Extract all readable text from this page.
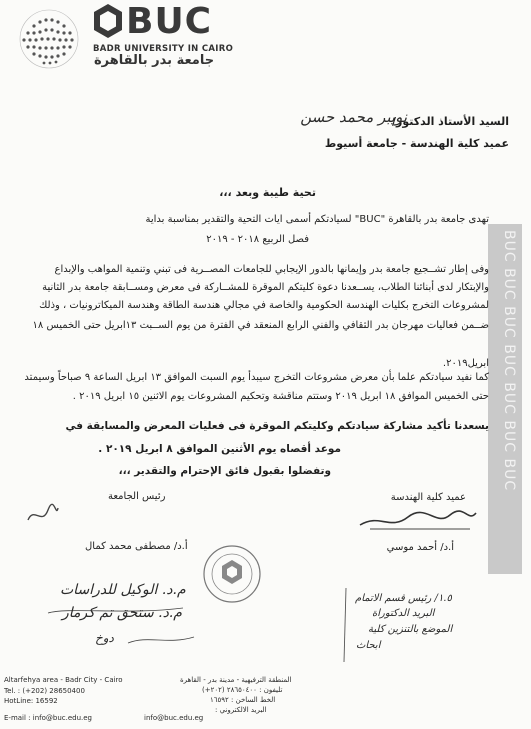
BUC
BADR UNIVERSITY IN CAIRO
جامعة بدر بالقاهرة
BUC BUC BUC BUC BUC BUC BUC
السيد الأستاذ الدكتور/
نويبر محمد حسن
عميد كلية الهندسة - جامعة أسيوط
تحية طيبة وبعد ،،،
تهدى جامعة بدر بالقاهرة "BUC" لسيادتكم أسمى ايات التحية والتقدير بمناسبة بداية
فصل الربيع ٢٠١٨ - ٢٠١٩
وفى إطار تشــجيع جامعة بدر وإيمانها بالدور الإيجابي للجامعات المصــرية فى تبني وتنمية المواهب والإبداع
والإبتكار لدى أبنائنا الطلاب، يســعدنا دعوة كليتكم الموقرة للمشــاركة فى معرض ومســابقة جامعة بدر الثانية
لمشروعات التخرج بكليات الهندسة الحكومية والخاصة في مجالي هندسة الطاقة وهندسة الميكاترونيات ، وذلك
ضــمن فعاليات مهرجان بدر الثقافي والفني الرابع المنعقد في الفترة من يوم الســبت ١٣ابريل حتى الخميس ١٨
ابريل٢٠١٩.
كما نفيد سيادتكم علما بأن معرض مشروعات التخرج سيبدأ يوم السبت الموافق ١٣ ابريل الساعة ٩ صباحاً وسيمتد
حتى الخميس الموافق ١٨ ابريل ٢٠١٩ وستتم مناقشة وتحكيم المشروعات يوم الاثنين ١٥ ابريل ٢٠١٩ .
يسعدنا تأكيد مشاركة سيادتكم وكليتكم الموقرة فى فعليات المعرض والمسابقة في
موعد أقصاه يوم الأثنين الموافق ٨ ابريل ٢٠١٩ .
وتفضلوا بقبول فائق الإحترام والتقدير ،،،
عميد كلية الهندسة
رئيس الجامعة
أ.د/ أحمد موسي
أ.د/ مصطفى محمد كمال
م.د. الوكيل للدراسات
م.د. ستحق تم كرمار
دوخ
١.٥/ رئيس قسم الاتمام
البريد الدكتوراة
الموضع بالتنزين كلية
ابحاث
Altarfehya area - Badr City - Cairo
Tel. : (+202) 28650400
HotLine: 16592
E-mail : info@buc.edu.eg
المنطقة الترفيهية - مدينة بدر - القاهرة
تليفون : ٢٨٦٥٠٤٠٠ (٢٠٢+)
الخط الساخن : ١٦٥٩٢
البريد الالكتروني :
info@buc.edu.eg
